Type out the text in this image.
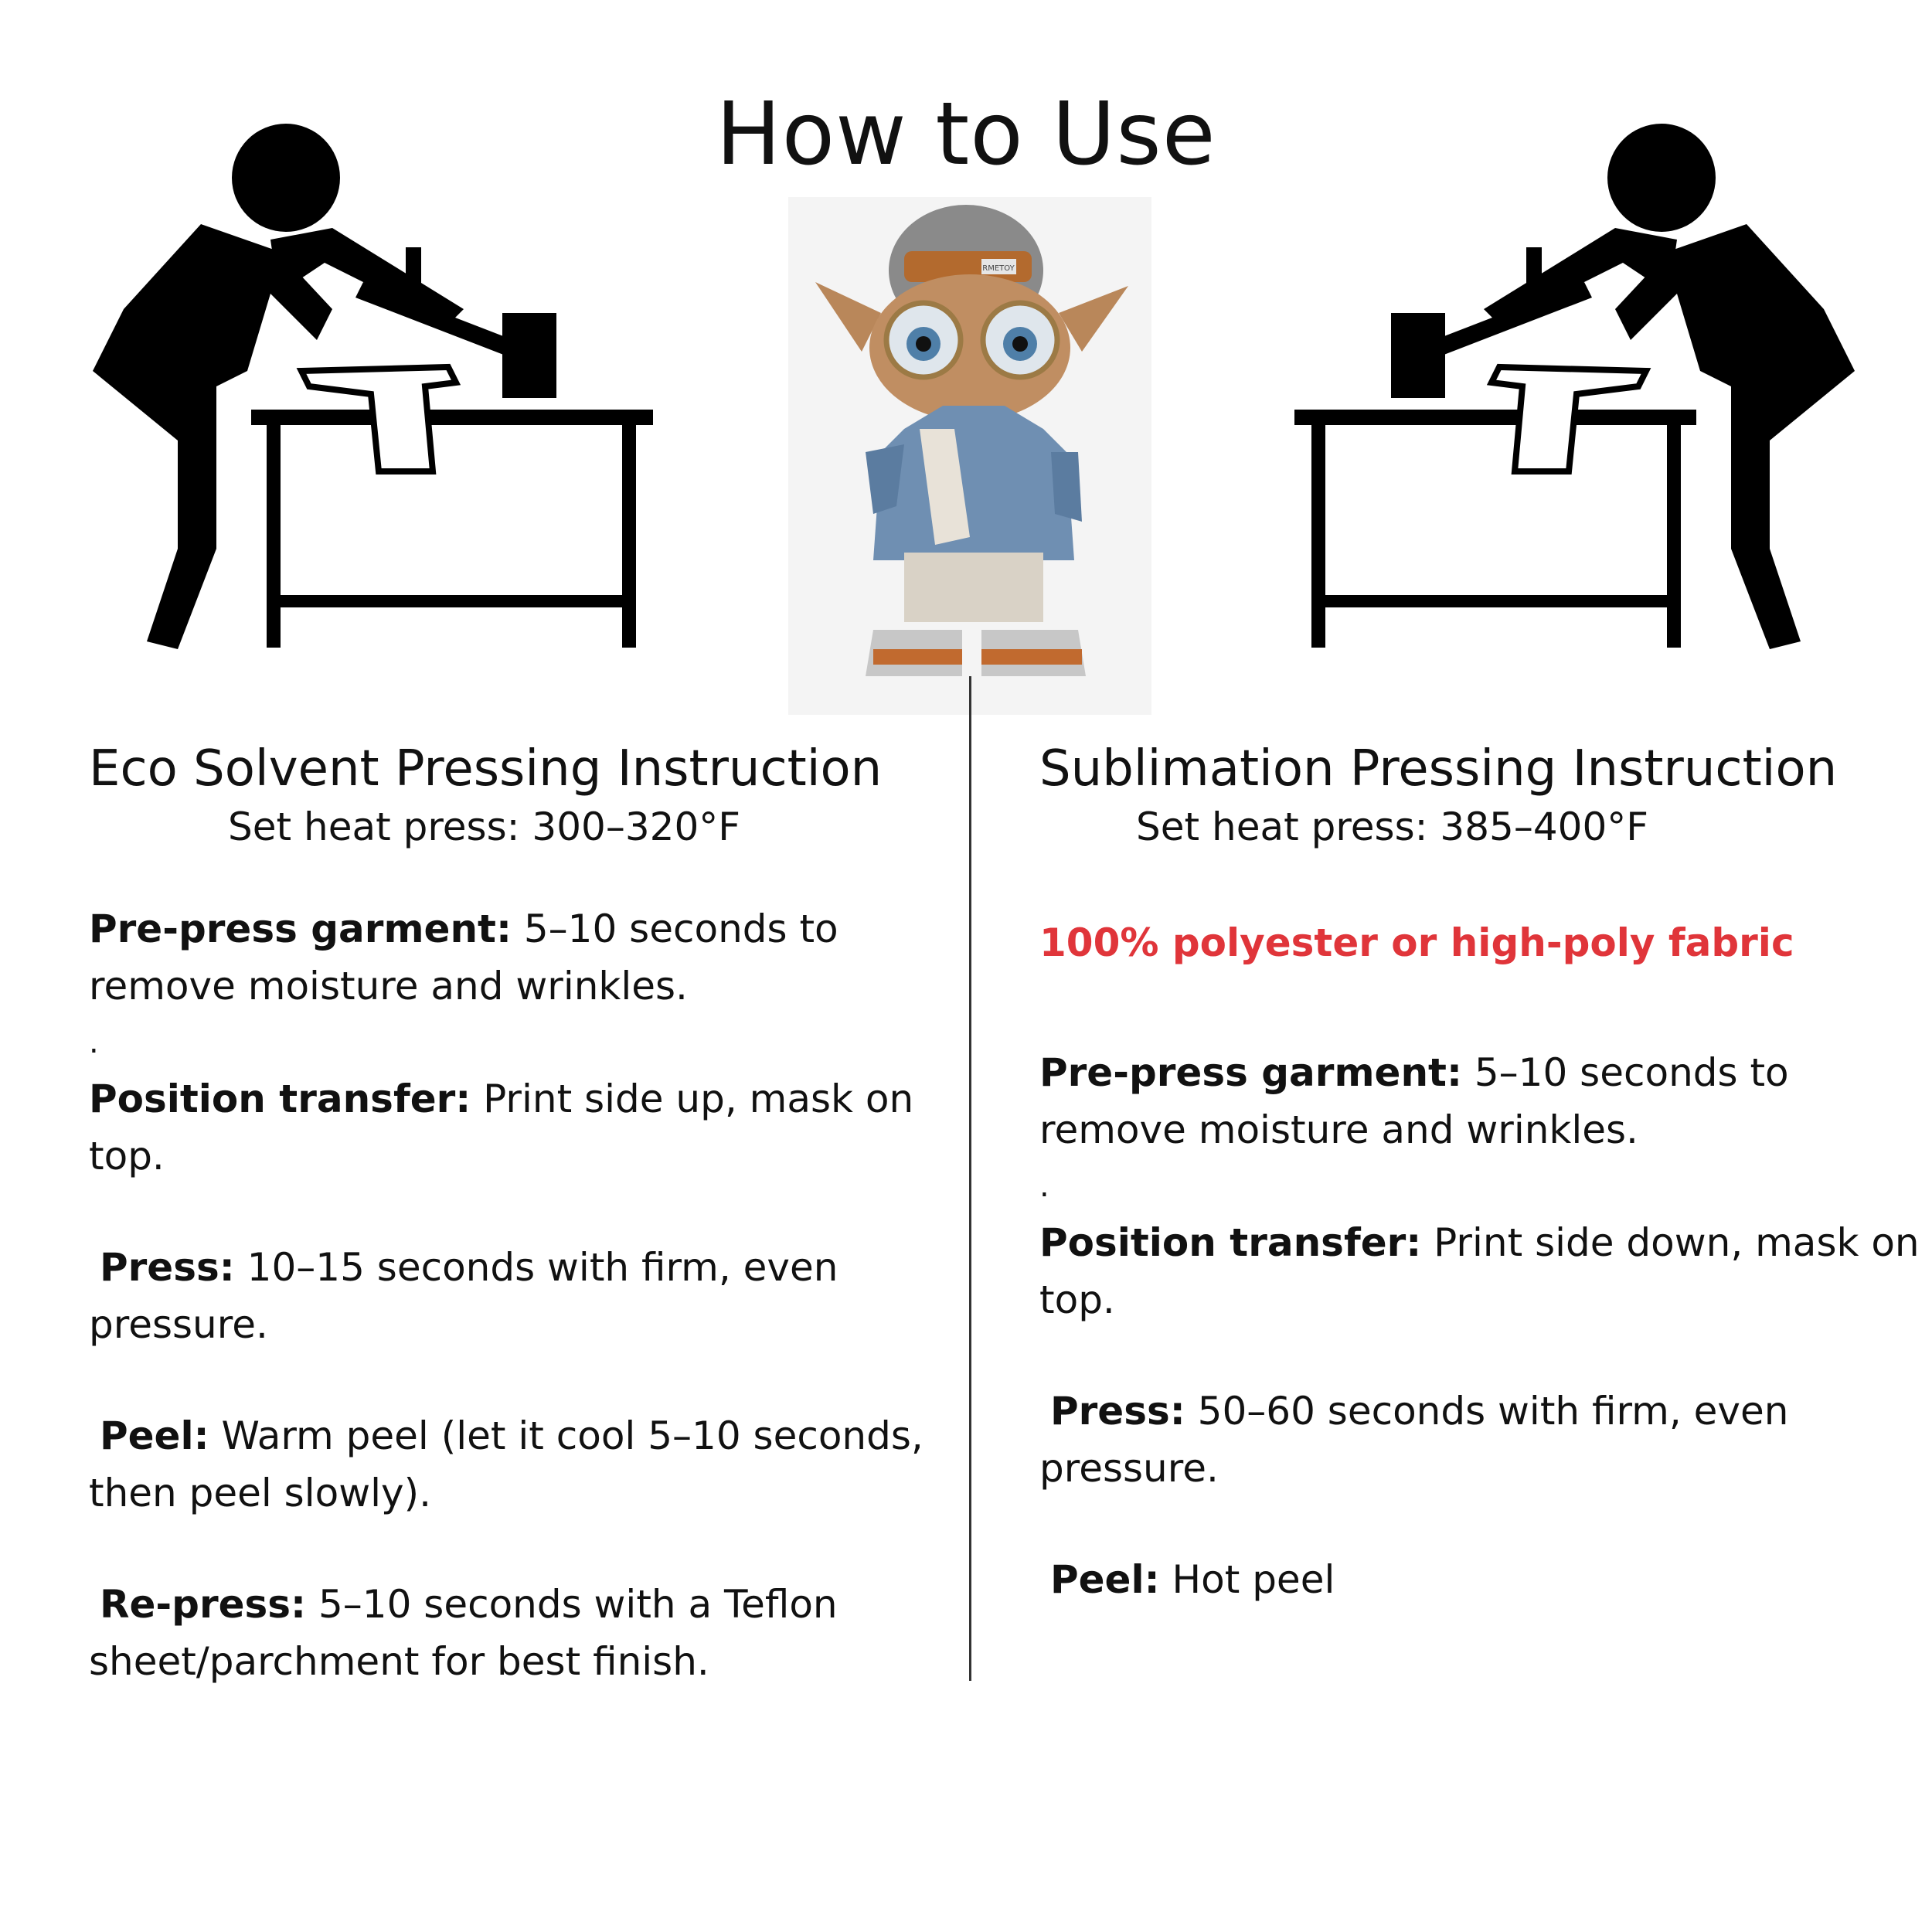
How to Use
RMETOY
Eco Solvent Pressing Instruction
Set heat press: 300–320°F

Pre-press garment: 5–10 seconds to remove moisture and wrinkles.

.

Position transfer: Print side up, mask on top.

Press: 10–15 seconds with firm, even pressure.

Peel: Warm peel (let it cool 5–10 seconds, then peel slowly).

Re-press: 5–10 seconds with a Teflon sheet/parchment for best finish.

Sublimation Pressing Instruction
Set heat press: 385–400°F
100% polyester or high-poly fabric

Pre-press garment: 5–10 seconds to remove moisture and wrinkles.

.

Position transfer: Print side down, mask on top.

Press: 50–60 seconds with firm, even pressure.

Peel: Hot peel
